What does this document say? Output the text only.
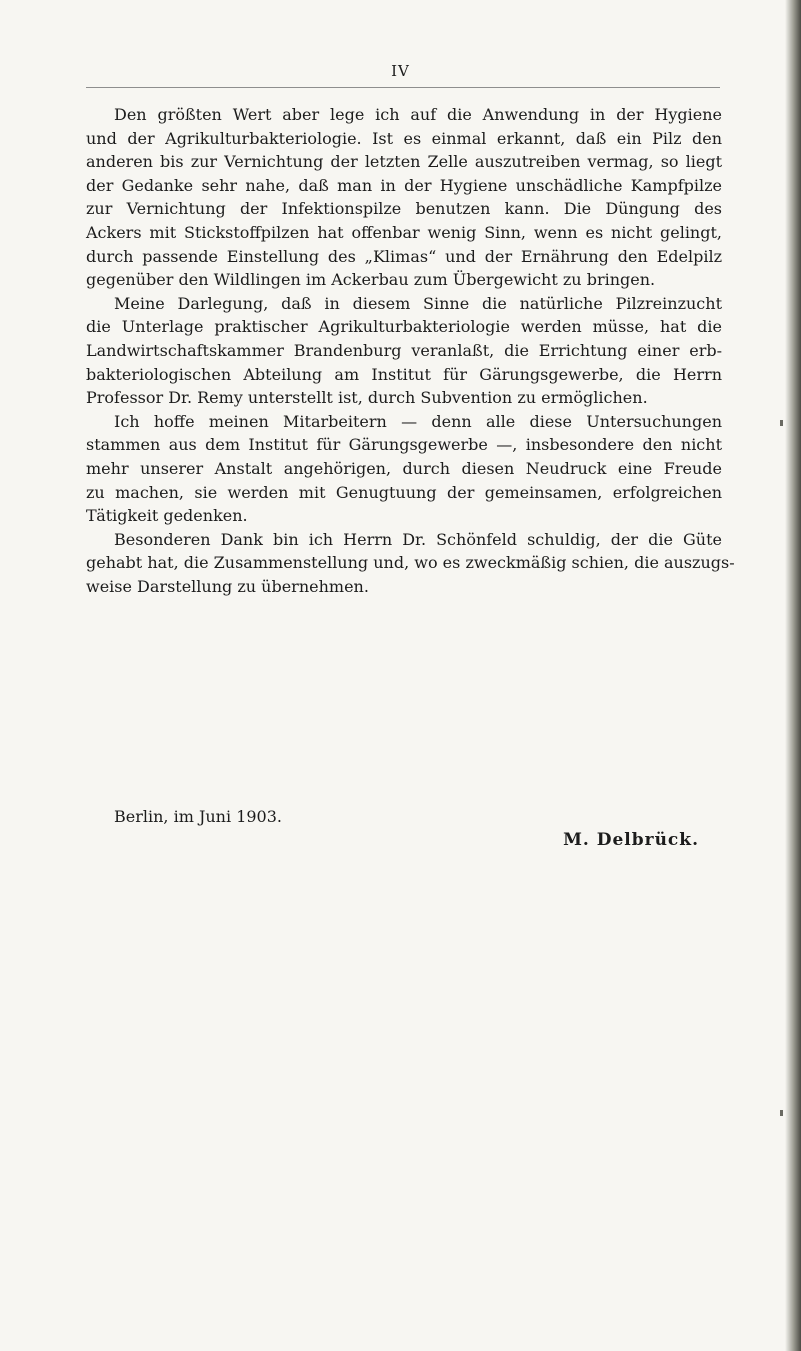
IV
Den größten Wert aber lege ich auf die Anwendung in der Hygiene
und der Agrikulturbakteriologie. Ist es einmal erkannt, daß ein Pilz den
anderen bis zur Vernichtung der letzten Zelle auszutreiben vermag, so liegt
der Gedanke sehr nahe, daß man in der Hygiene unschädliche Kampfpilze
zur Vernichtung der Infektionspilze benutzen kann. Die Düngung des
Ackers mit Stickstoffpilzen hat offenbar wenig Sinn, wenn es nicht gelingt,
durch passende Einstellung des „Klimas“ und der Ernährung den Edelpilz
gegenüber den Wildlingen im Ackerbau zum Übergewicht zu bringen.
Meine Darlegung, daß in diesem Sinne die natürliche Pilzreinzucht
die Unterlage praktischer Agrikulturbakteriologie werden müsse, hat die
Landwirtschaftskammer Brandenburg veranlaßt, die Errichtung einer erb-
bakteriologischen Abteilung am Institut für Gärungsgewerbe, die Herrn
Professor Dr. Remy unterstellt ist, durch Subvention zu ermöglichen.
Ich hoffe meinen Mitarbeitern — denn alle diese Untersuchungen
stammen aus dem Institut für Gärungsgewerbe —, insbesondere den nicht
mehr unserer Anstalt angehörigen, durch diesen Neudruck eine Freude
zu machen, sie werden mit Genugtuung der gemeinsamen, erfolgreichen
Tätigkeit gedenken.
Besonderen Dank bin ich Herrn Dr. Schönfeld schuldig, der die Güte
gehabt hat, die Zusammenstellung und, wo es zweckmäßig schien, die auszugs-
weise Darstellung zu übernehmen.
Berlin, im Juni 1903.
M. Delbrück.
